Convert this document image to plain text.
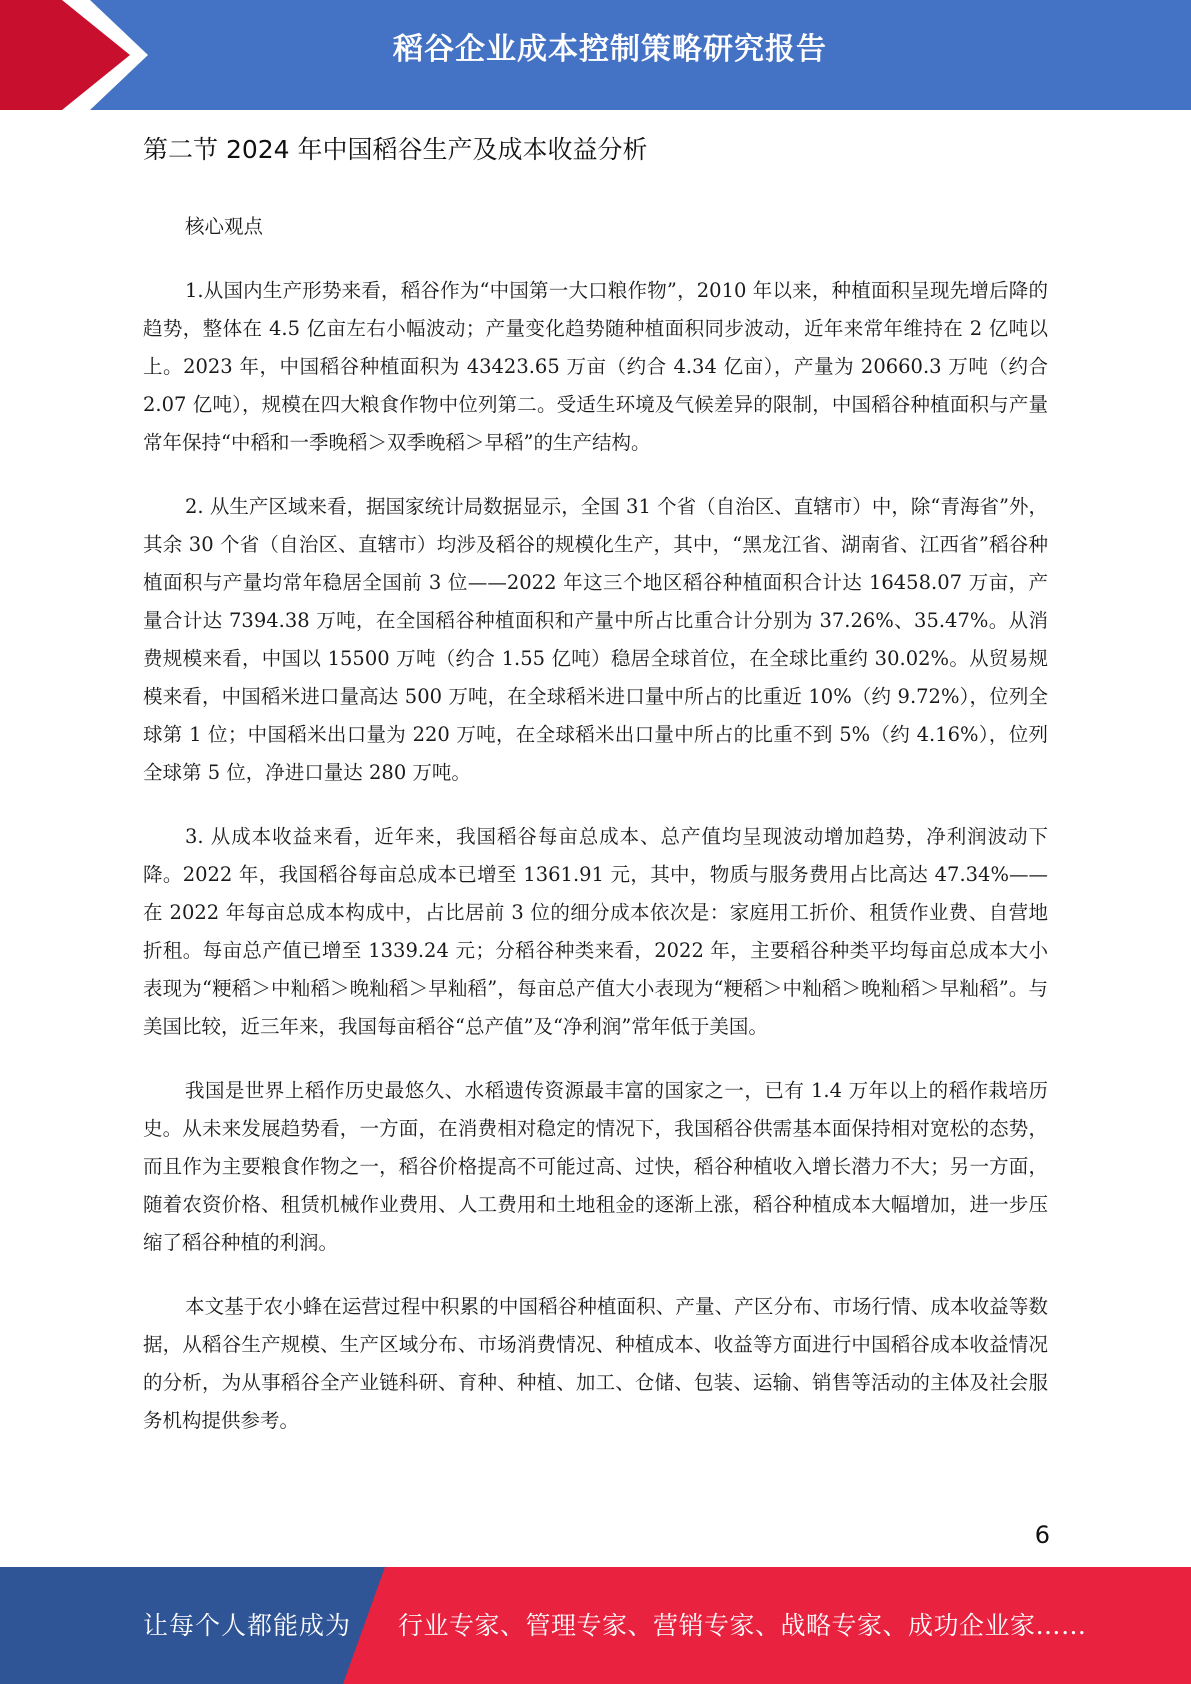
稻谷企业成本控制策略研究报告
第二节 2024 年中国稻谷生产及成本收益分析

核心观点

1.从国内生产形势来看，稻谷作为“中国第一大口粮作物”，2010 年以来，种植面积呈现先增后降的趋势，整体在 4.5 亿亩左右小幅波动；产量变化趋势随种植面积同步波动，近年来常年维持在 2 亿吨以上。2023 年，中国稻谷种植面积为 43423.65 万亩（约合 4.34 亿亩），产量为 20660.3 万吨（约合 2.07 亿吨），规模在四大粮食作物中位列第二。受适生环境及气候差异的限制，中国稻谷种植面积与产量常年保持“中稻和一季晚稻＞双季晚稻＞早稻”的生产结构。

2. 从生产区域来看，据国家统计局数据显示，全国 31 个省（自治区、直辖市）中，除“青海省”外，其余 30 个省（自治区、直辖市）均涉及稻谷的规模化生产，其中，“黑龙江省、湖南省、江西省”稻谷种植面积与产量均常年稳居全国前 3 位——2022 年这三个地区稻谷种植面积合计达 16458.07 万亩，产量合计达 7394.38 万吨，在全国稻谷种植面积和产量中所占比重合计分别为 37.26%、35.47%。从消费规模来看，中国以 15500 万吨（约合 1.55 亿吨）稳居全球首位，在全球比重约 30.02%。从贸易规模来看，中国稻米进口量高达 500 万吨，在全球稻米进口量中所占的比重近 10%（约 9.72%），位列全球第 1 位；中国稻米出口量为 220 万吨，在全球稻米出口量中所占的比重不到 5%（约 4.16%），位列全球第 5 位，净进口量达 280 万吨。

3. 从成本收益来看，近年来，我国稻谷每亩总成本、总产值均呈现波动增加趋势，净利润波动下降。2022 年，我国稻谷每亩总成本已增至 1361.91 元，其中，物质与服务费用占比高达 47.34%——在 2022 年每亩总成本构成中，占比居前 3 位的细分成本依次是：家庭用工折价、租赁作业费、自营地折租。每亩总产值已增至 1339.24 元；分稻谷种类来看，2022 年，主要稻谷种类平均每亩总成本大小表现为“粳稻＞中籼稻＞晚籼稻＞早籼稻”，每亩总产值大小表现为“粳稻＞中籼稻＞晚籼稻＞早籼稻”。与美国比较，近三年来，我国每亩稻谷“总产值”及“净利润”常年低于美国。

我国是世界上稻作历史最悠久、水稻遗传资源最丰富的国家之一，已有 1.4 万年以上的稻作栽培历史。从未来发展趋势看，一方面，在消费相对稳定的情况下，我国稻谷供需基本面保持相对宽松的态势，而且作为主要粮食作物之一，稻谷价格提高不可能过高、过快，稻谷种植收入增长潜力不大；另一方面，随着农资价格、租赁机械作业费用、人工费用和土地租金的逐渐上涨，稻谷种植成本大幅增加，进一步压缩了稻谷种植的利润。

本文基于农小蜂在运营过程中积累的中国稻谷种植面积、产量、产区分布、市场行情、成本收益等数据，从稻谷生产规模、生产区域分布、市场消费情况、种植成本、收益等方面进行中国稻谷成本收益情况的分析，为从事稻谷全产业链科研、育种、种植、加工、仓储、包装、运输、销售等活动的主体及社会服务机构提供参考。

6
让每个人都能成为 行业专家、管理专家、营销专家、战略专家、成功企业家……
